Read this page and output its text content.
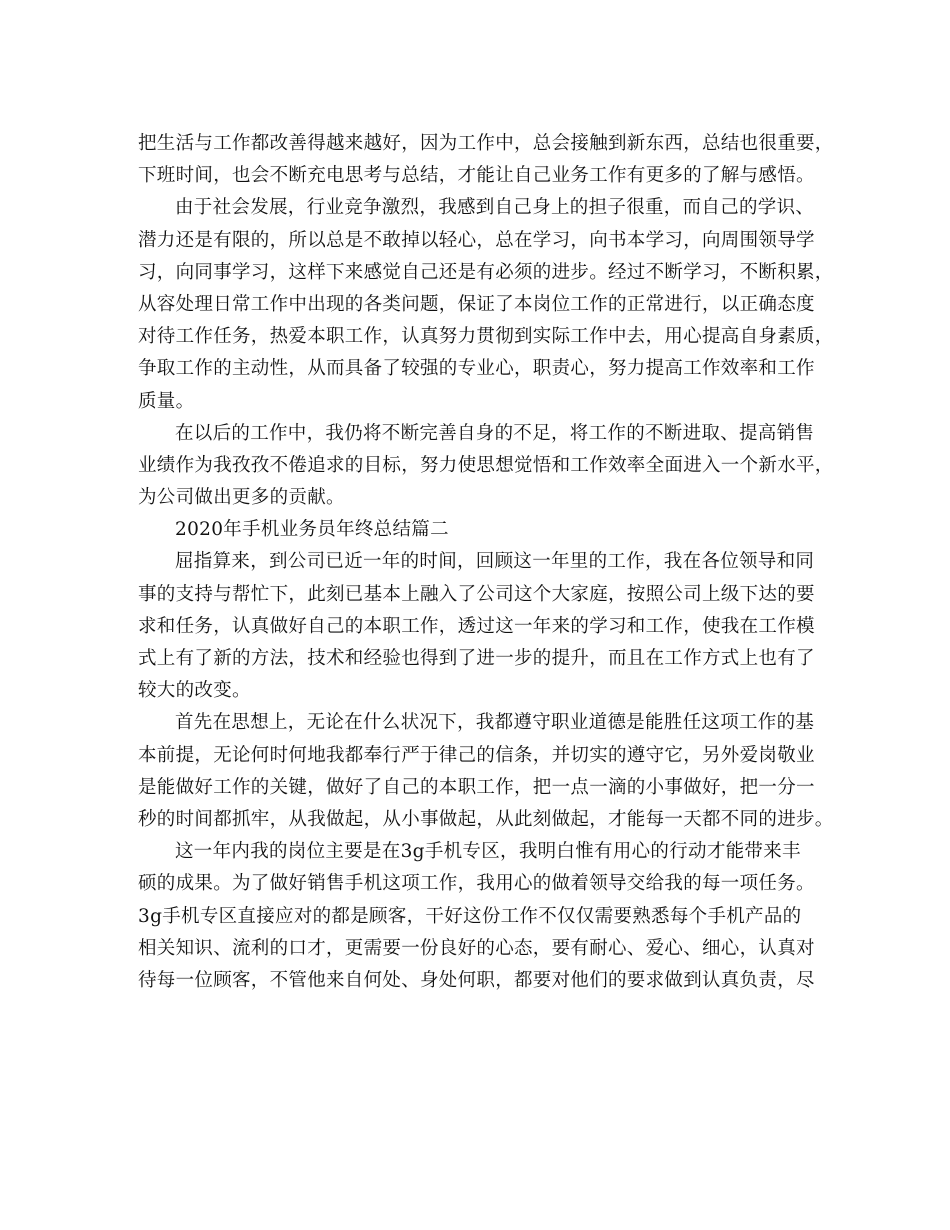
把生活与工作都改善得越来越好，因为工作中，总会接触到新东西，总结也很重要，
下班时间，也会不断充电思考与总结，才能让自己业务工作有更多的了解与感悟。
由于社会发展，行业竞争激烈，我感到自己身上的担子很重，而自己的学识、
潜力还是有限的，所以总是不敢掉以轻心，总在学习，向书本学习，向周围领导学
习，向同事学习，这样下来感觉自己还是有必须的进步。经过不断学习，不断积累，
从容处理日常工作中出现的各类问题，保证了本岗位工作的正常进行，以正确态度
对待工作任务，热爱本职工作，认真努力贯彻到实际工作中去，用心提高自身素质，
争取工作的主动性，从而具备了较强的专业心，职责心，努力提高工作效率和工作
质量。
在以后的工作中，我仍将不断完善自身的不足，将工作的不断进取、提高销售
业绩作为我孜孜不倦追求的目标，努力使思想觉悟和工作效率全面进入一个新水平，
为公司做出更多的贡献。
2020年手机业务员年终总结篇二
屈指算来，到公司已近一年的时间，回顾这一年里的工作，我在各位领导和同
事的支持与帮忙下，此刻已基本上融入了公司这个大家庭，按照公司上级下达的要
求和任务，认真做好自己的本职工作，透过这一年来的学习和工作，使我在工作模
式上有了新的方法，技术和经验也得到了进一步的提升，而且在工作方式上也有了
较大的改变。
首先在思想上，无论在什么状况下，我都遵守职业道德是能胜任这项工作的基
本前提，无论何时何地我都奉行严于律己的信条，并切实的遵守它，另外爱岗敬业
是能做好工作的关键，做好了自己的本职工作，把一点一滴的小事做好，把一分一
秒的时间都抓牢，从我做起，从小事做起，从此刻做起，才能每一天都不同的进步。
这一年内我的岗位主要是在3g手机专区，我明白惟有用心的行动才能带来丰
硕的成果。为了做好销售手机这项工作，我用心的做着领导交给我的每一项任务。
3g手机专区直接应对的都是顾客，干好这份工作不仅仅需要熟悉每个手机产品的
相关知识、流利的口才，更需要一份良好的心态，要有耐心、爱心、细心，认真对
待每一位顾客，不管他来自何处、身处何职，都要对他们的要求做到认真负责，尽
